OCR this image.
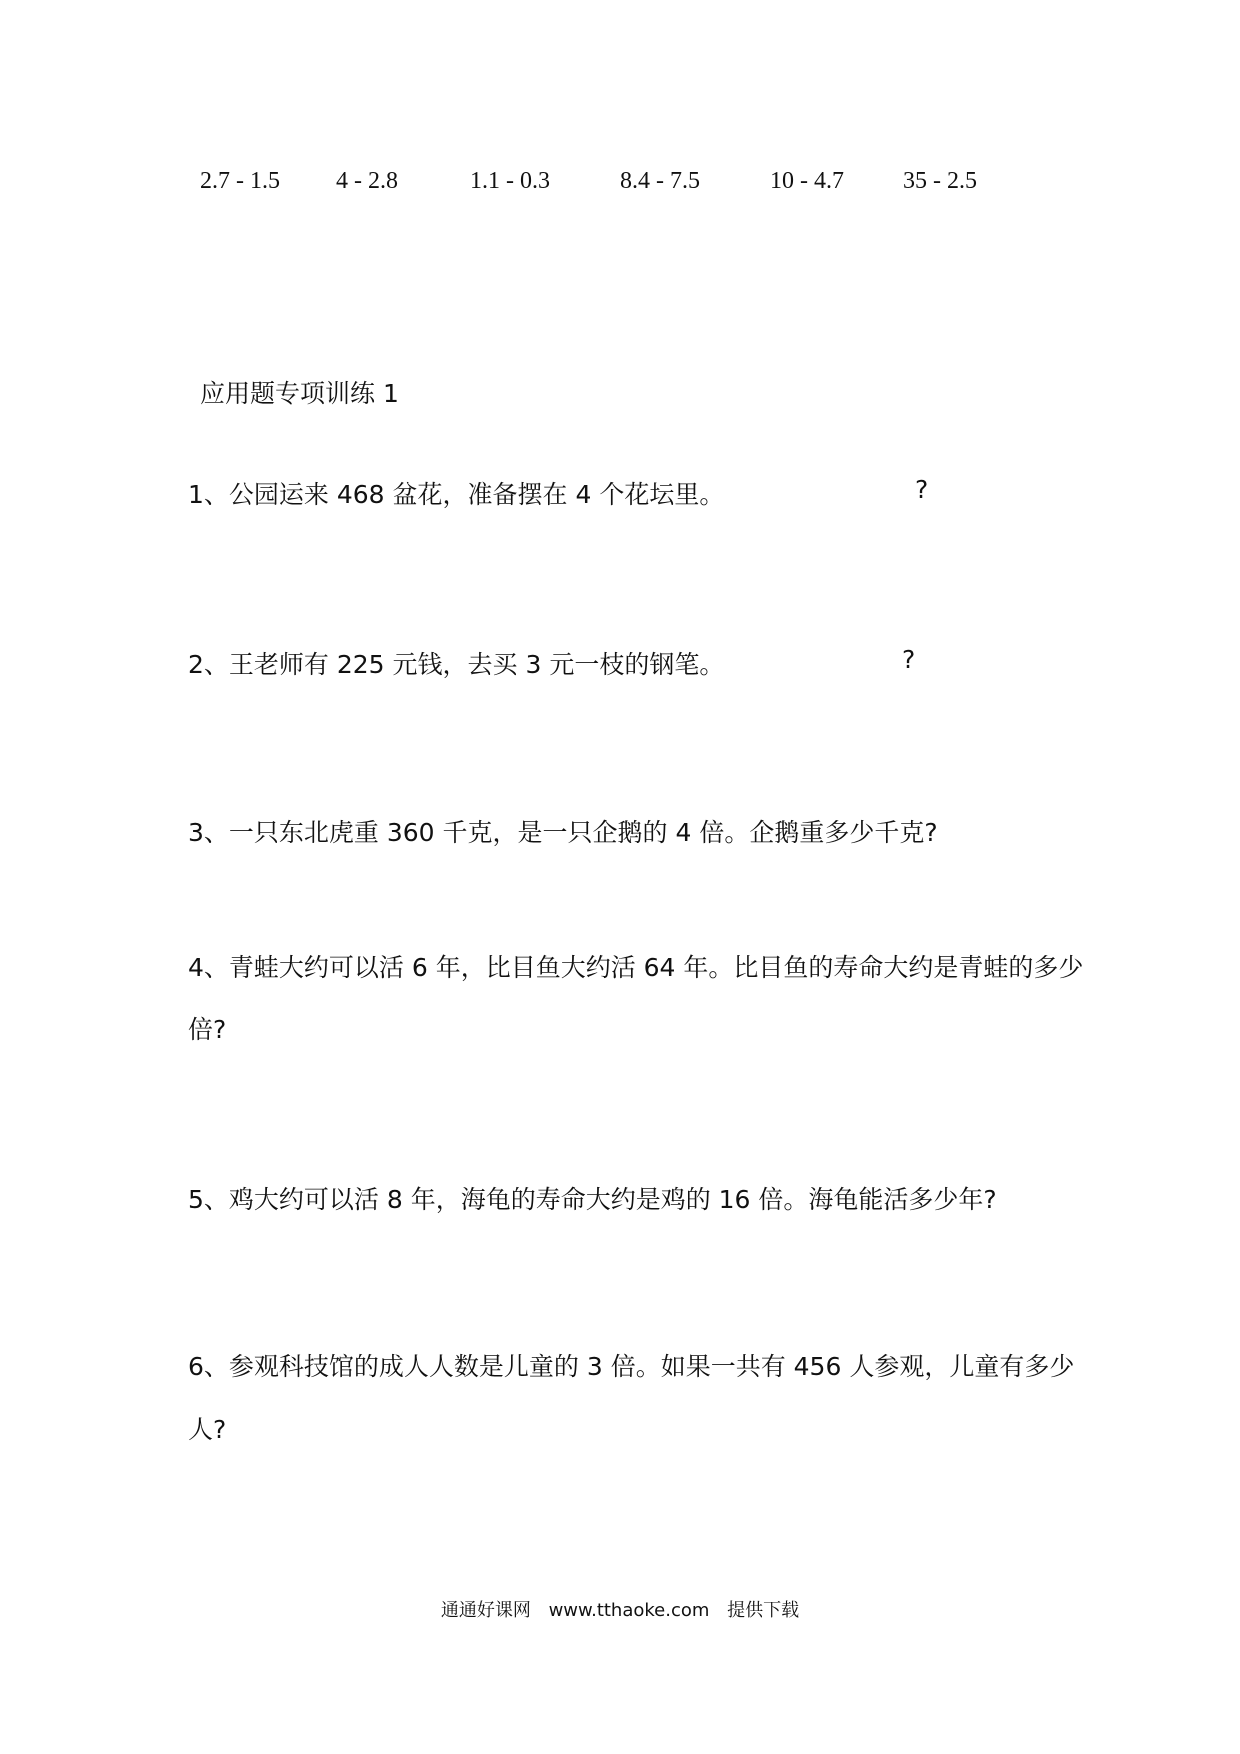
2.7 - 1.5 4 - 2.8	1.1 - 0.3	8.4 - 7.5	10 - 4.7 35 - 2.5
应用题专项训练 1
1、公园运来 468 盆花，准备摆在 4 个花坛里。	?
2、王老师有 225 元钱，去买 3 元一枝的钢笔。	?
3、一只东北虎重 360 千克，是一只企鹅的 4 倍。企鹅重多少千克?
4、青蛙大约可以活 6 年，比目鱼大约活 64 年。比目鱼的寿命大约是青蛙的多少
倍?
5、鸡大约可以活 8 年，海龟的寿命大约是鸡的 16 倍。海龟能活多少年?
6、参观科技馆的成人人数是儿童的 3 倍。如果一共有 456 人参观，儿童有多少
人?
通通好课网 www.tthaoke.com 提供下载
